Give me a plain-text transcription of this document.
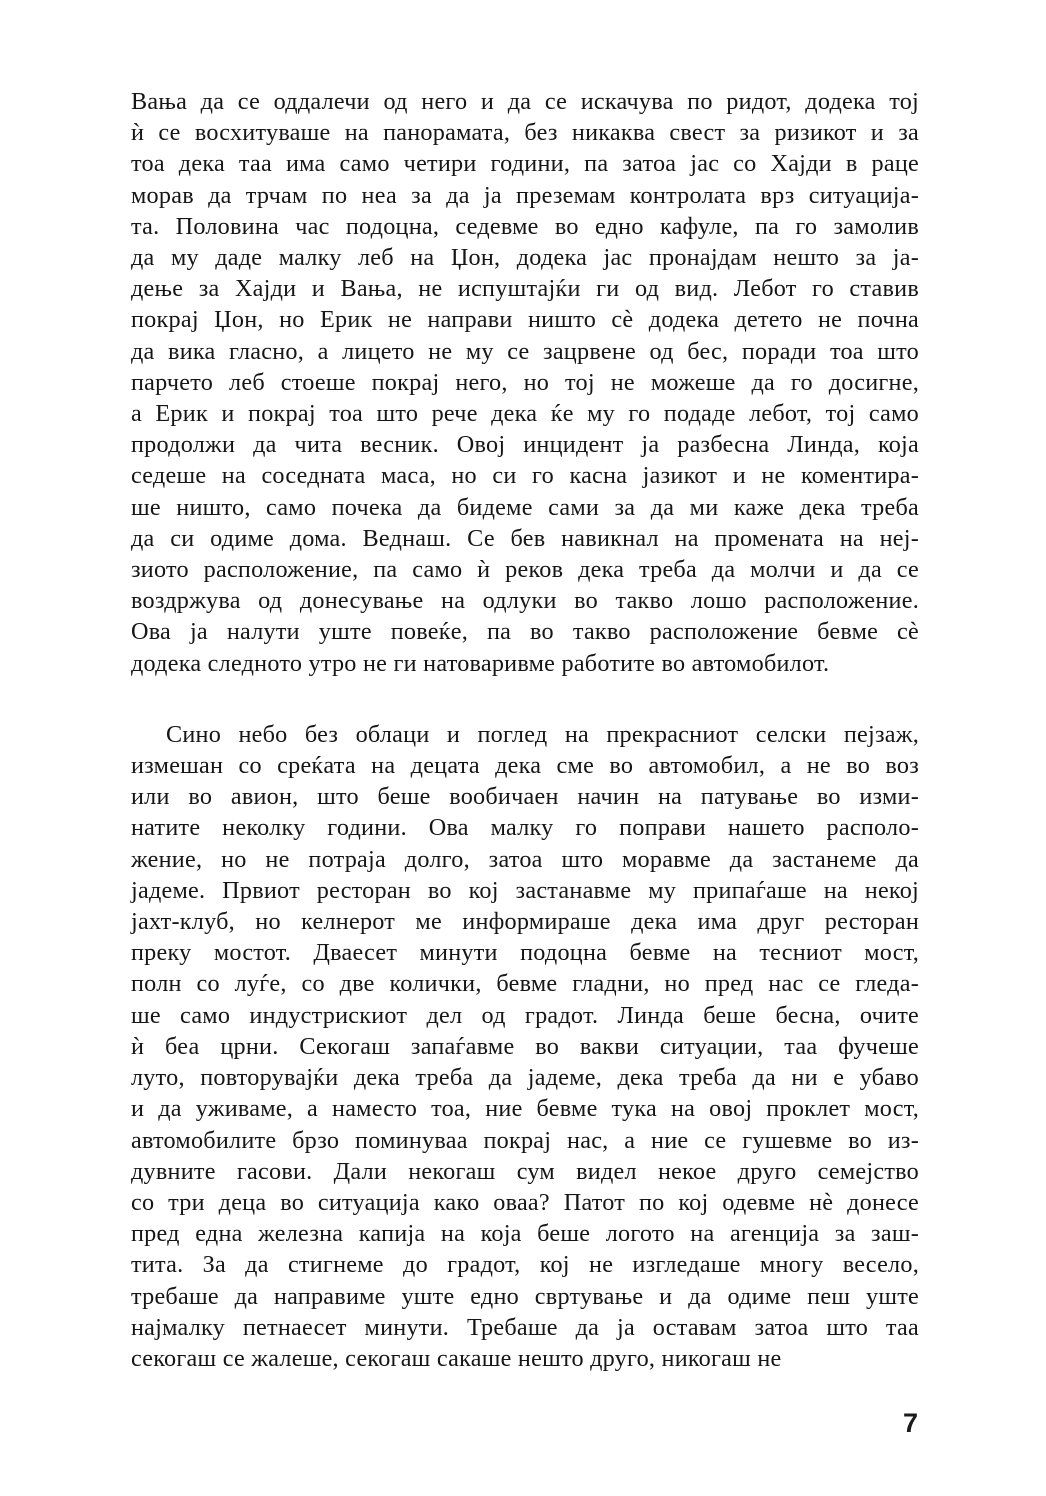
Вања да се оддалечи од него и да се искачува по ридот, додека тој
ѝ се восхитуваше на панорамата, без никаква свест за ризикот и за
тоа дека таа има само четири години, па затоа јас со Хајди в раце
морав да трчам по неа за да ја преземам контролата врз ситуација-
та. Половина час подоцна, седевме во едно кафуле, па го замолив
да му даде малку леб на Џон, додека јас пронајдам нешто за ја-
дење за Хајди и Вања, не испуштајќи ги од вид. Лебот го ставив
покрај Џон, но Ерик не направи ништо сѐ додека детето не почна
да вика гласно, а лицето не му се зацрвене од бес, поради тоа што
парчето леб стоеше покрај него, но тој не можеше да го досигне,
а Ерик и покрај тоа што рече дека ќе му го подаде лебот, тој само
продолжи да чита весник. Овој инцидент ја разбесна Линда, која
седеше на соседната маса, но си го касна јазикот и не коментира-
ше ништо, само почека да бидеме сами за да ми каже дека треба
да си одиме дома. Веднаш. Се бев навикнал на промената на нej-
зиото расположение, па само ѝ реков дека треба да молчи и да се
воздржува од донесување на одлуки во такво лошо расположение.
Ова ја налути уште повеќе, па во такво расположение бевме сѐ
додека следното утро не ги натоваривме работите во автомобилот.

Сино небо без облаци и поглед на прекрасниот селски пејзаж,
измешан со среќата на децата дека сме во автомобил, а не во воз
или во авион, што беше вообичаен начин на патување во изми-
натите неколку години. Ова малку го поправи нашето располо-
жение, но не потраја долго, затоа што моравме да застанеме да
јадеме. Првиот ресторан во кој застанавме му припаѓаше на некој
јахт-клуб, но келнерот ме информираше дека има друг ресторан
преку мостот. Дваесет минути подоцна бевме на тесниот мост,
полн со луѓе, со две колички, бевме гладни, но пред нас се гледа-
ше само индустрискиот дел од градот. Линда беше бесна, очите
ѝ беа црни. Секогаш запаѓавме во вакви ситуации, таа фучеше
луто, повторувајќи дека треба да јадеме, дека треба да ни е убаво
и да уживаме, а наместо тоа, ние бевме тука на овој проклет мост,
автомобилите брзо поминуваа покрај нас, а ние се гушевме во из-
дувните гасови. Дали некогаш сум видел некое друго семејство
со три деца во ситуација како оваа? Патот по кој одевме нѐ донесе
пред една железна капија на која беше логото на агенција за заш-
тита. За да стигнеме до градот, кој не изгледаше многу весело,
требаше да направиме уште едно свртување и да одиме пеш уште
најмалку петнаесет минути. Требаше да ја оставам затоа што таа
секогаш се жалеше, секогаш сакаше нешто друго, никогаш не

7
